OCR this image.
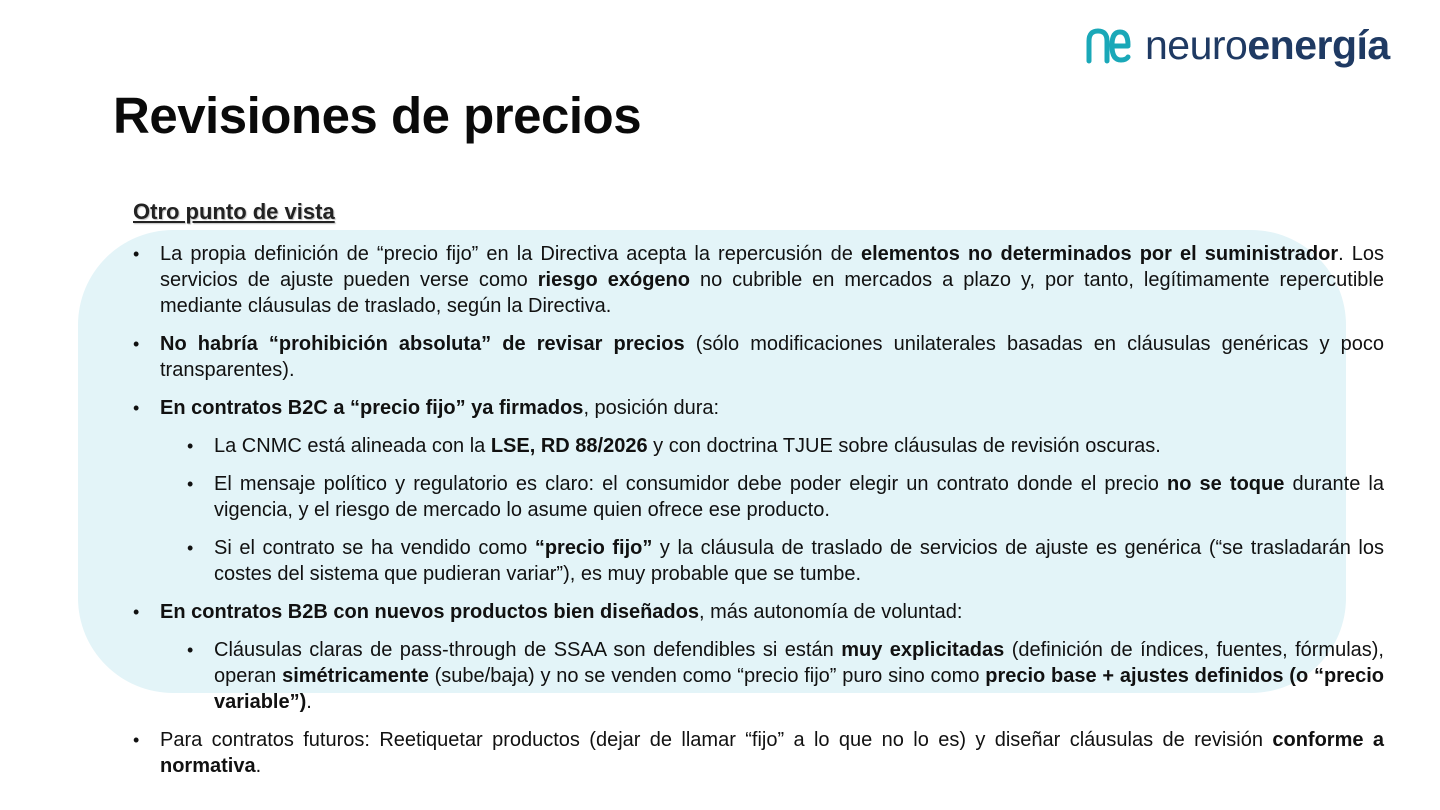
neuroenergía
Revisiones de precios
Otro punto de vista
• La propia definición de “precio fijo” en la Directiva acepta la repercusión de elementos no determinados por el suministrador. Los servicios de ajuste pueden verse como riesgo exógeno no cubrible en mercados a plazo y, por tanto, legítimamente repercutible mediante cláusulas de traslado, según la Directiva.
• No habría “prohibición absoluta” de revisar precios (sólo modificaciones unilaterales basadas en cláusulas genéricas y poco transparentes).
• En contratos B2C a “precio fijo” ya firmados, posición dura:
• La CNMC está alineada con la LSE, RD 88/2026 y con doctrina TJUE sobre cláusulas de revisión oscuras.
• El mensaje político y regulatorio es claro: el consumidor debe poder elegir un contrato donde el precio no se toque durante la vigencia, y el riesgo de mercado lo asume quien ofrece ese producto.
• Si el contrato se ha vendido como “precio fijo” y la cláusula de traslado de servicios de ajuste es genérica (“se trasladarán los costes del sistema que pudieran variar”), es muy probable que se tumbe.
• En contratos B2B con nuevos productos bien diseñados, más autonomía de voluntad:
• Cláusulas claras de pass-through de SSAA son defendibles si están muy explicitadas (definición de índices, fuentes, fórmulas), operan simétricamente (sube/baja) y no se venden como “precio fijo” puro sino como precio base + ajustes definidos (o “precio variable”).
• Para contratos futuros: Reetiquetar productos (dejar de llamar “fijo” a lo que no lo es) y diseñar cláusulas de revisión conforme a normativa.
